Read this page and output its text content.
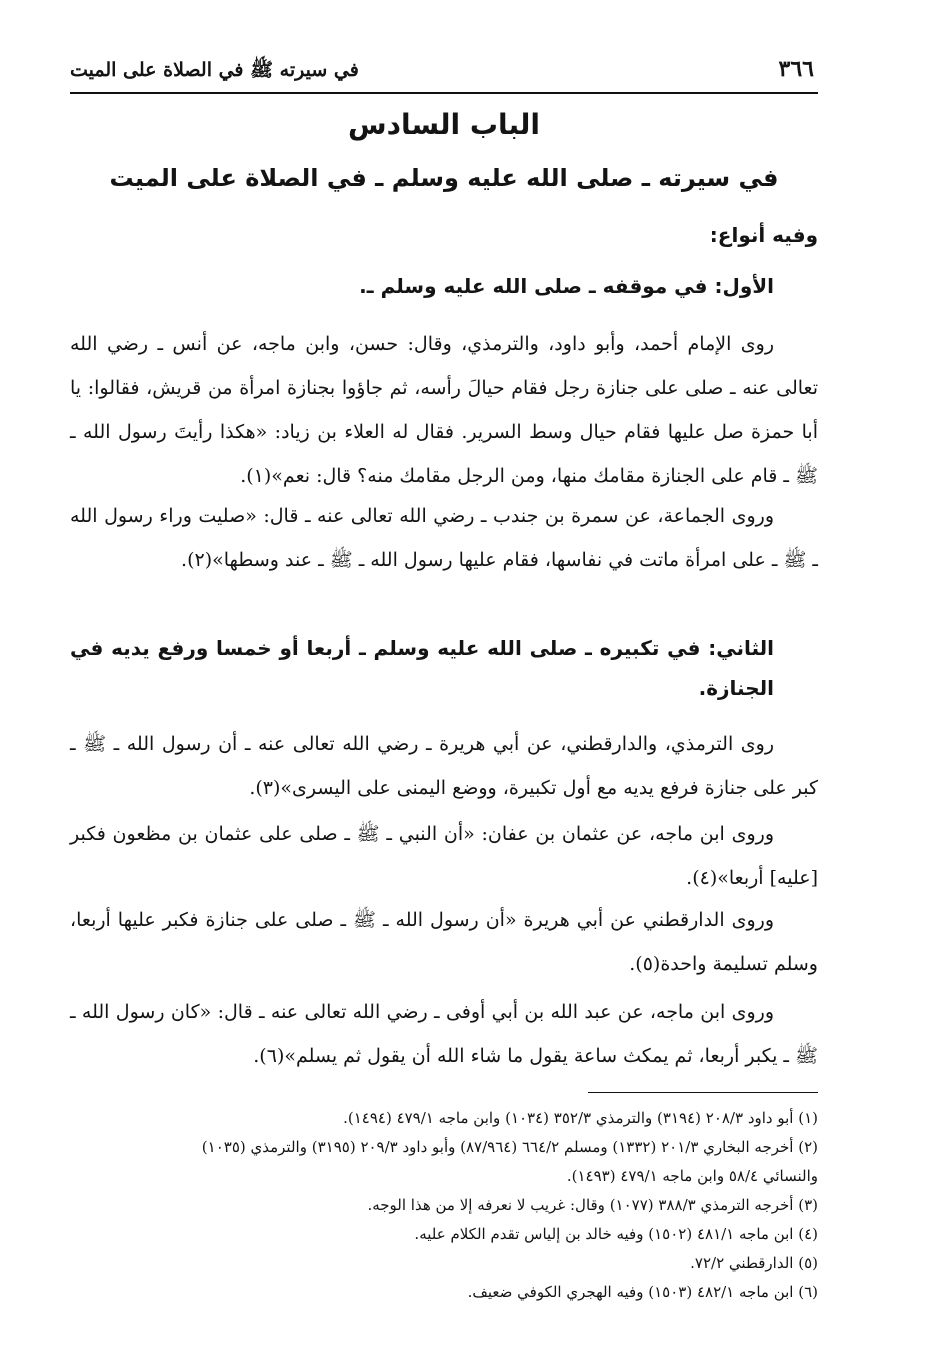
٣٦٦
في سيرته ﷺ في الصلاة على الميت
الباب السادس
في سيرته ـ صلى الله عليه وسلم ـ في الصلاة على الميت

وفيه أنواع:

الأول: في موقفه ـ صلى الله عليه وسلم ـ.

روى الإمام أحمد، وأبو داود، والترمذي، وقال: حسن، وابن ماجه، عن أنس ـ رضي الله تعالى عنه ـ صلى على جنازة رجل فقام حيالَ رأسه، ثم جاؤوا بجنازة امرأة من قريش، فقالوا: يا أبا حمزة صل عليها فقام حيال وسط السرير. فقال له العلاء بن زياد: «هكذا رأيتَ رسول الله ـ ﷺ ـ قام على الجنازة مقامك منها، ومن الرجل مقامك منه؟ قال: نعم»(١).

وروى الجماعة، عن سمرة بن جندب ـ رضي الله تعالى عنه ـ قال: «صليت وراء رسول الله ـ ﷺ ـ على امرأة ماتت في نفاسها، فقام عليها رسول الله ـ ﷺ ـ عند وسطها»(٢).

الثاني: في تكبيره ـ صلى الله عليه وسلم ـ أربعا أو خمسا ورفع يديه في الجنازة.

روى الترمذي، والدارقطني، عن أبي هريرة ـ رضي الله تعالى عنه ـ أن رسول الله ـ ﷺ ـ كبر على جنازة فرفع يديه مع أول تكبيرة، ووضع اليمنى على اليسرى»(٣).

وروى ابن ماجه، عن عثمان بن عفان: «أن النبي ـ ﷺ ـ صلى على عثمان بن مظعون فكبر [عليه] أربعا»(٤).

وروى الدارقطني عن أبي هريرة «أن رسول الله ـ ﷺ ـ صلى على جنازة فكبر عليها أربعا، وسلم تسليمة واحدة(٥).

وروى ابن ماجه، عن عبد الله بن أبي أوفى ـ رضي الله تعالى عنه ـ قال: «كان رسول الله ـ ﷺ ـ يكبر أربعا، ثم يمكث ساعة يقول ما شاء الله أن يقول ثم يسلم»(٦).

(١) أبو داود ٢٠٨/٣ (٣١٩٤) والترمذي ٣٥٢/٣ (١٠٣٤) وابن ماجه ٤٧٩/١ (١٤٩٤).
(٢) أخرجه البخاري ٢٠١/٣ (١٣٣٢) ومسلم ٦٦٤/٢ (٨٧/٩٦٤) وأبو داود ٢٠٩/٣ (٣١٩٥) والترمذي (١٠٣٥)
والنسائي ٥٨/٤ وابن ماجه ٤٧٩/١ (١٤٩٣).
(٣) أخرجه الترمذي ٣٨٨/٣ (١٠٧٧) وقال: غريب لا نعرفه إلا من هذا الوجه.
(٤) ابن ماجه ٤٨١/١ (١٥٠٢) وفيه خالد بن إلياس تقدم الكلام عليه.
(٥) الدارقطني ٧٢/٢.
(٦) ابن ماجه ٤٨٢/١ (١٥٠٣) وفيه الهجري الكوفي ضعيف.
